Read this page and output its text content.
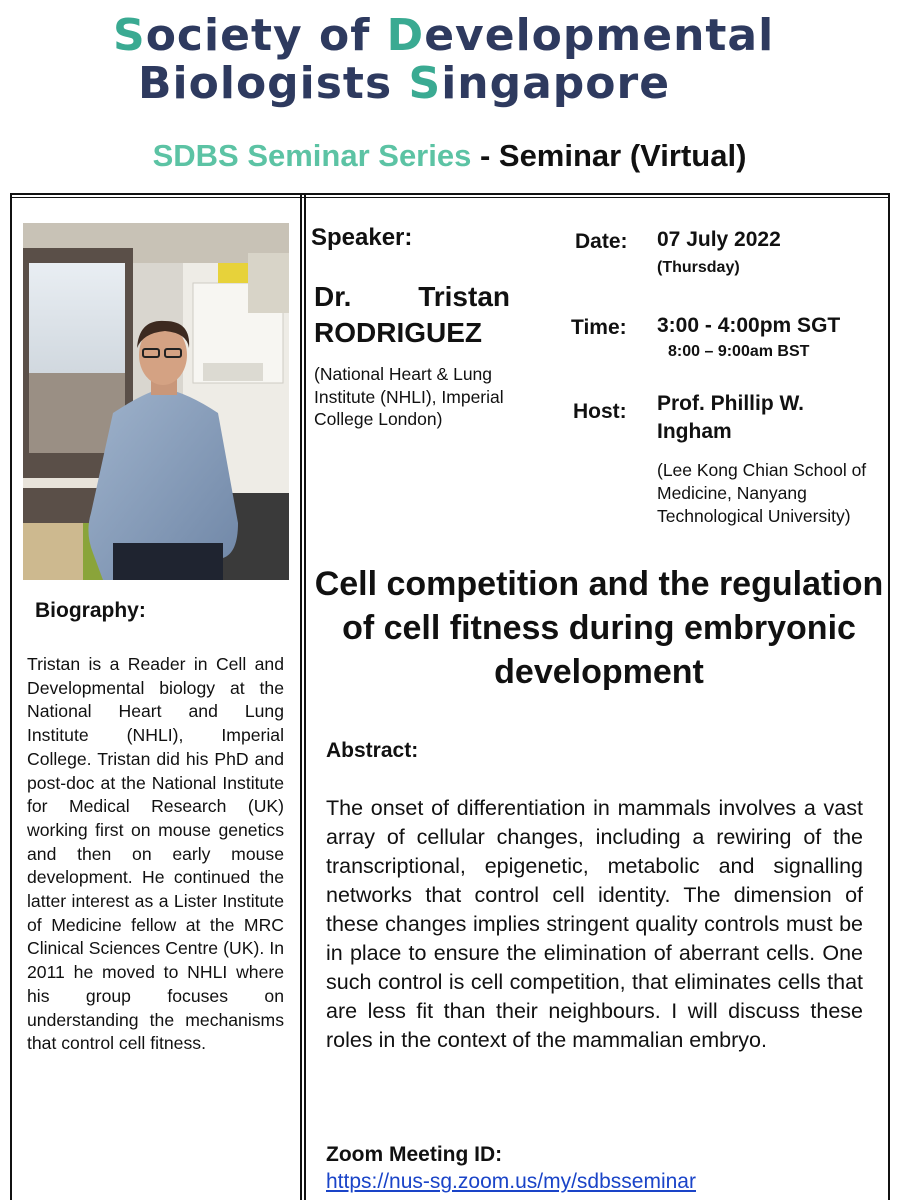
Society of Developmental
Biologists Singapore
SDBS Seminar Series - Seminar (Virtual)
Biography:
Tristan is a Reader in Cell and Developmental biology at the National Heart and Lung Institute (NHLI), Imperial College. Tristan did his PhD and post-doc at the National Institute for Medical Research (UK) working first on mouse genetics and then on early mouse development. He continued the latter interest as a Lister Institute of Medicine fellow at the MRC Clinical Sciences Centre (UK). In 2011 he moved to NHLI where his group focuses on understanding the mechanisms that control cell fitness.
Speaker:
Dr. Tristan
RODRIGUEZ
(National Heart & Lung Institute (NHLI), Imperial College London)
Date: 07 July 2022
(Thursday)
Time: 3:00 - 4:00pm SGT
8:00 – 9:00am BST
Host: Prof. Phillip W. Ingham
(Lee Kong Chian School of Medicine, Nanyang Technological University)
Cell competition and the regulation of cell fitness during embryonic development
Abstract:
The onset of differentiation in mammals involves a vast array of cellular changes, including a rewiring of the transcriptional, epigenetic, metabolic and signalling networks that control cell identity. The dimension of these changes implies stringent quality controls must be in place to ensure the elimination of aberrant cells. One such control is cell competition, that eliminates cells that are less fit than their neighbours. I will discuss these roles in the context of the mammalian embryo.
Zoom Meeting ID:
https://nus-sg.zoom.us/my/sdbsseminar
